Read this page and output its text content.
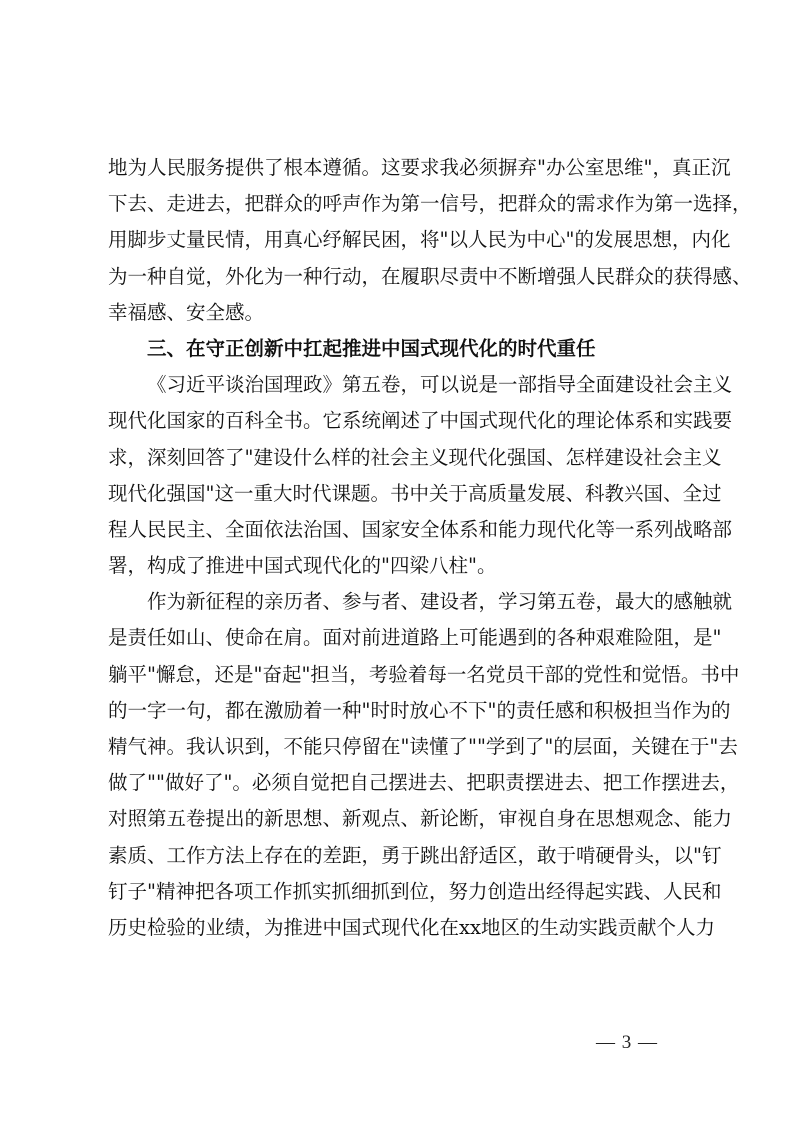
地为人民服务提供了根本遵循。这要求我必须摒弃"办公室思维"，真正沉
下去、走进去，把群众的呼声作为第一信号，把群众的需求作为第一选择，
用脚步丈量民情，用真心纾解民困，将"以人民为中心"的发展思想，内化
为一种自觉，外化为一种行动，在履职尽责中不断增强人民群众的获得感、
幸福感、安全感。
三、在守正创新中扛起推进中国式现代化的时代重任
《习近平谈治国理政》第五卷，可以说是一部指导全面建设社会主义
现代化国家的百科全书。它系统阐述了中国式现代化的理论体系和实践要
求，深刻回答了"建设什么样的社会主义现代化强国、怎样建设社会主义
现代化强国"这一重大时代课题。书中关于高质量发展、科教兴国、全过
程人民民主、全面依法治国、国家安全体系和能力现代化等一系列战略部
署，构成了推进中国式现代化的"四梁八柱"。
作为新征程的亲历者、参与者、建设者，学习第五卷，最大的感触就
是责任如山、使命在肩。面对前进道路上可能遇到的各种艰难险阻，是"
躺平"懈怠，还是"奋起"担当，考验着每一名党员干部的党性和觉悟。书中
的一字一句，都在激励着一种"时时放心不下"的责任感和积极担当作为的
精气神。我认识到，不能只停留在"读懂了""学到了"的层面，关键在于"去
做了""做好了"。必须自觉把自己摆进去、把职责摆进去、把工作摆进去，
对照第五卷提出的新思想、新观点、新论断，审视自身在思想观念、能力
素质、工作方法上存在的差距，勇于跳出舒适区，敢于啃硬骨头，以"钉
钉子"精神把各项工作抓实抓细抓到位，努力创造出经得起实践、人民和
历史检验的业绩，为推进中国式现代化在xx地区的生动实践贡献个人力
— 3 —
